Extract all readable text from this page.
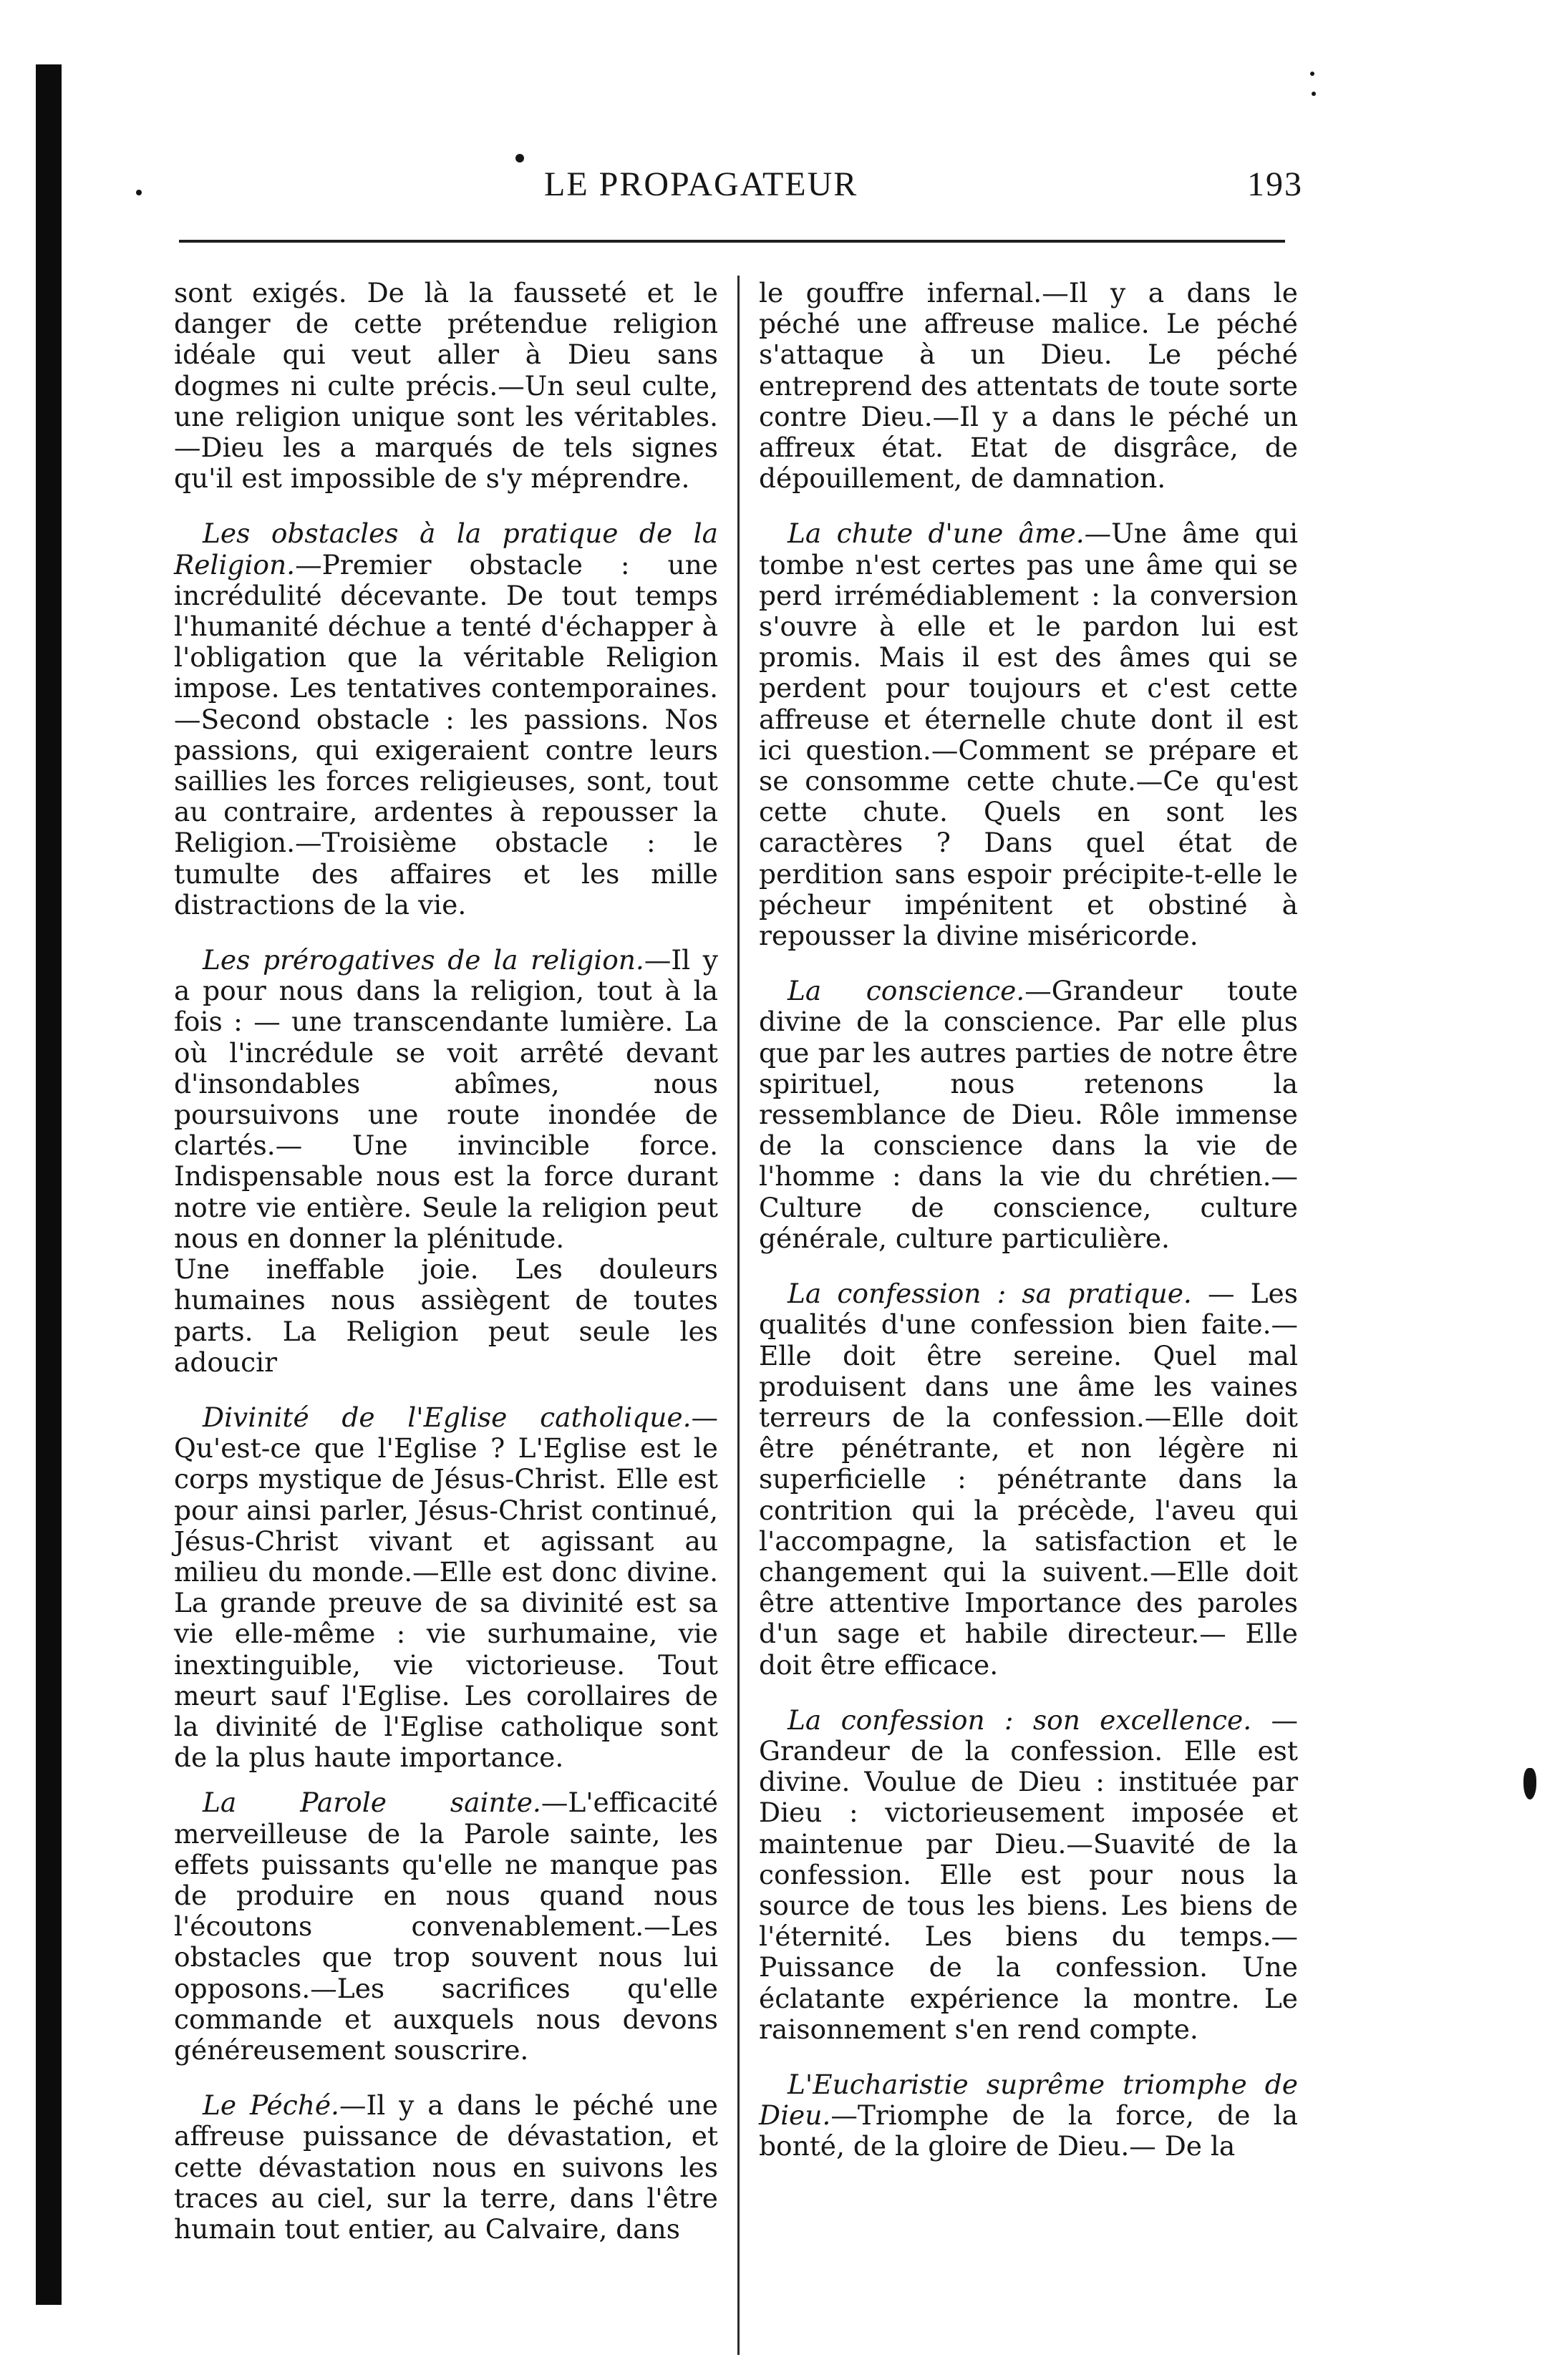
LE PROPAGATEUR	193

sont exigés. De là la fausseté et le danger de cette prétendue religion idéale qui veut aller à Dieu sans dogmes ni culte précis.—Un seul culte, une religion unique sont les véritables.—Dieu les a marqués de tels signes qu'il est impossible de s'y méprendre.

Les obstacles à la pratique de la Religion.—Premier obstacle : une incrédulité décevante. De tout temps l'humanité déchue a tenté d'échapper à l'obligation que la véritable Religion impose. Les tentatives contemporaines. —Second obstacle : les passions. Nos passions, qui exigeraient contre leurs saillies les forces religieuses, sont, tout au contraire, ardentes à repousser la Religion.—Troisième obstacle : le tumulte des affaires et les mille distractions de la vie.

Les prérogatives de la religion.—Il y a pour nous dans la religion, tout à la fois : — une transcendante lumière. La où l'incrédule se voit arrêté devant d'insondables abîmes, nous poursuivons une route inondée de clartés.— Une invincible force. Indispensable nous est la force durant notre vie entière. Seule la religion peut nous en donner la plénitude.

Une ineffable joie. Les douleurs humaines nous assiègent de toutes parts. La Religion peut seule les adoucir

Divinité de l'Eglise catholique.— Qu'est-ce que l'Eglise ? L'Eglise est le corps mystique de Jésus-Christ. Elle est pour ainsi parler, Jésus-Christ continué, Jésus-Christ vivant et agissant au milieu du monde.—Elle est donc divine. La grande preuve de sa divinité est sa vie elle-même : vie surhumaine, vie inextinguible, vie victorieuse. Tout meurt sauf l'Eglise. Les corollaires de la divinité de l'Eglise catholique sont de la plus haute importance.

La Parole sainte.—L'efficacité merveilleuse de la Parole sainte, les effets puissants qu'elle ne manque pas de produire en nous quand nous l'écoutons convenablement.—Les obstacles que trop souvent nous lui opposons.—Les sacrifices qu'elle commande et auxquels nous devons généreusement souscrire.

Le Péché.—Il y a dans le péché une affreuse puissance de dévastation, et cette dévastation nous en suivons les traces au ciel, sur la terre, dans l'être humain tout entier, au Calvaire, dans

le gouffre infernal.—Il y a dans le péché une affreuse malice. Le péché s'attaque à un Dieu. Le péché entreprend des attentats de toute sorte contre Dieu.—Il y a dans le péché un affreux état. Etat de disgrâce, de dépouillement, de damnation.

La chute d'une âme.—Une âme qui tombe n'est certes pas une âme qui se perd irrémédiablement : la conversion s'ouvre à elle et le pardon lui est promis. Mais il est des âmes qui se perdent pour toujours et c'est cette affreuse et éternelle chute dont il est ici question.—Comment se prépare et se consomme cette chute.—Ce qu'est cette chute. Quels en sont les caractères ? Dans quel état de perdition sans espoir précipite-t-elle le pécheur impénitent et obstiné à repousser la divine miséricorde.

La conscience.—Grandeur toute divine de la conscience. Par elle plus que par les autres parties de notre être spirituel, nous retenons la ressemblance de Dieu. Rôle immense de la conscience dans la vie de l'homme : dans la vie du chrétien.—Culture de conscience, culture générale, culture particulière.

La confession : sa pratique. — Les qualités d'une confession bien faite.— Elle doit être sereine. Quel mal produisent dans une âme les vaines terreurs de la confession.—Elle doit être pénétrante, et non légère ni superficielle : pénétrante dans la contrition qui la précède, l'aveu qui l'accompagne, la satisfaction et le changement qui la suivent.—Elle doit être attentive Importance des paroles d'un sage et habile directeur.— Elle doit être efficace.

La confession : son excellence. — Grandeur de la confession. Elle est divine. Voulue de Dieu : instituée par Dieu : victorieusement imposée et maintenue par Dieu.—Suavité de la confession. Elle est pour nous la source de tous les biens. Les biens de l'éternité. Les biens du temps.—Puissance de la confession. Une éclatante expérience la montre. Le raisonnement s'en rend compte.

L'Eucharistie suprême triomphe de Dieu.—Triomphe de la force, de la bonté, de la gloire de Dieu.— De la
